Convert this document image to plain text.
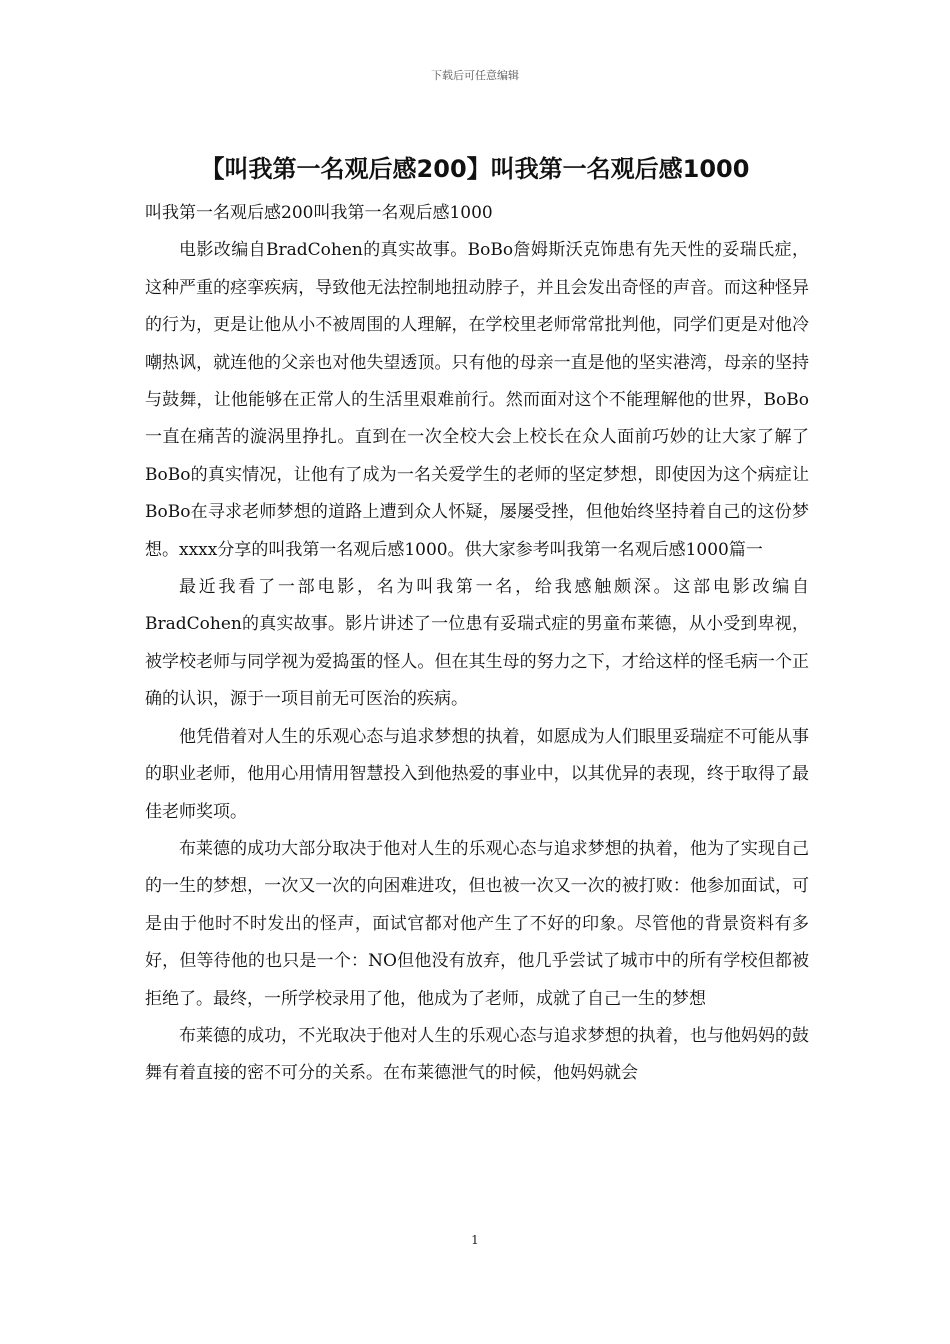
下载后可任意编辑
【叫我第一名观后感200】叫我第一名观后感1000

叫我第一名观后感200叫我第一名观后感1000

电影改编自BradCohen的真实故事。BoBo詹姆斯沃克饰患有先天性的妥瑞氏症，这种严重的痉挛疾病，导致他无法控制地扭动脖子，并且会发出奇怪的声音。而这种怪异的行为，更是让他从小不被周围的人理解，在学校里老师常常批判他，同学们更是对他冷嘲热讽，就连他的父亲也对他失望透顶。只有他的母亲一直是他的坚实港湾，母亲的坚持与鼓舞，让他能够在正常人的生活里艰难前行。然而面对这个不能理解他的世界，BoBo一直在痛苦的漩涡里挣扎。直到在一次全校大会上校长在众人面前巧妙的让大家了解了BoBo的真实情况，让他有了成为一名关爱学生的老师的坚定梦想，即使因为这个病症让BoBo在寻求老师梦想的道路上遭到众人怀疑，屡屡受挫，但他始终坚持着自己的这份梦想。xxxx分享的叫我第一名观后感1000。供大家参考叫我第一名观后感1000篇一

最近我看了一部电影，名为叫我第一名，给我感触颇深。这部电影改编自BradCohen的真实故事。影片讲述了一位患有妥瑞式症的男童布莱德，从小受到卑视，被学校老师与同学视为爱捣蛋的怪人。但在其生母的努力之下，才给这样的怪毛病一个正确的认识，源于一项目前无可医治的疾病。

他凭借着对人生的乐观心态与追求梦想的执着，如愿成为人们眼里妥瑞症不可能从事的职业老师，他用心用情用智慧投入到他热爱的事业中，以其优异的表现，终于取得了最佳老师奖项。

布莱德的成功大部分取决于他对人生的乐观心态与追求梦想的执着，他为了实现自己的一生的梦想，一次又一次的向困难进攻，但也被一次又一次的被打败：他参加面试，可是由于他时不时发出的怪声，面试官都对他产生了不好的印象。尽管他的背景资料有多好，但等待他的也只是一个：NO但他没有放弃，他几乎尝试了城市中的所有学校但都被拒绝了。最终，一所学校录用了他，他成为了老师，成就了自己一生的梦想

布莱德的成功，不光取决于他对人生的乐观心态与追求梦想的执着，也与他妈妈的鼓舞有着直接的密不可分的关系。在布莱德泄气的时候，他妈妈就会

1
